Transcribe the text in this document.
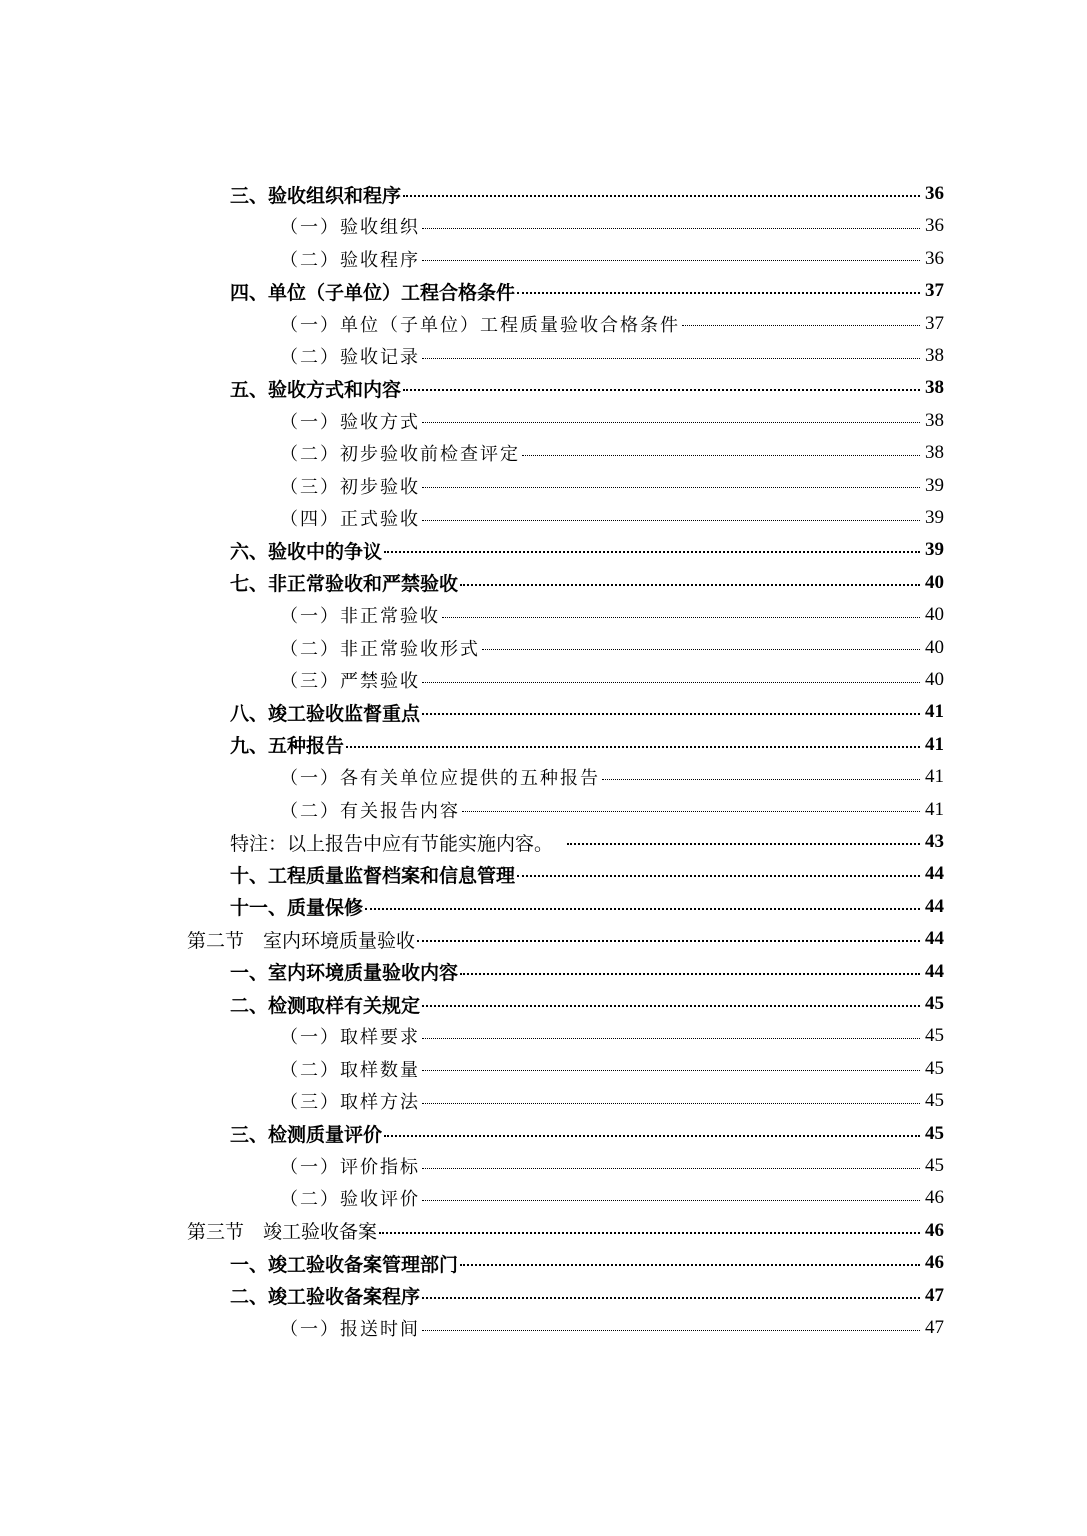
三、验收组织和程序	36
（一）验收组织	36
（二）验收程序	36
四、单位（子单位）工程合格条件	37
（一）单位（子单位）工程质量验收合格条件	37
（二）验收记录	38
五、验收方式和内容	38
（一）验收方式	38
（二）初步验收前检查评定	38
（三）初步验收	39
（四）正式验收	39
六、验收中的争议	39
七、非正常验收和严禁验收	40
（一）非正常验收	40
（二）非正常验收形式	40
（三）严禁验收	40
八、竣工验收监督重点	41
九、五种报告	41
（一）各有关单位应提供的五种报告	41
（二）有关报告内容	41
特注：以上报告中应有节能实施内容。	43
十、工程质量监督档案和信息管理	44
十一、质量保修	44
第二节　室内环境质量验收	44
一、室内环境质量验收内容	44
二、检测取样有关规定	45
（一）取样要求	45
（二）取样数量	45
（三）取样方法	45
三、检测质量评价	45
（一）评价指标	45
（二）验收评价	46
第三节　竣工验收备案	46
一、竣工验收备案管理部门	46
二、竣工验收备案程序	47
（一）报送时间	47
